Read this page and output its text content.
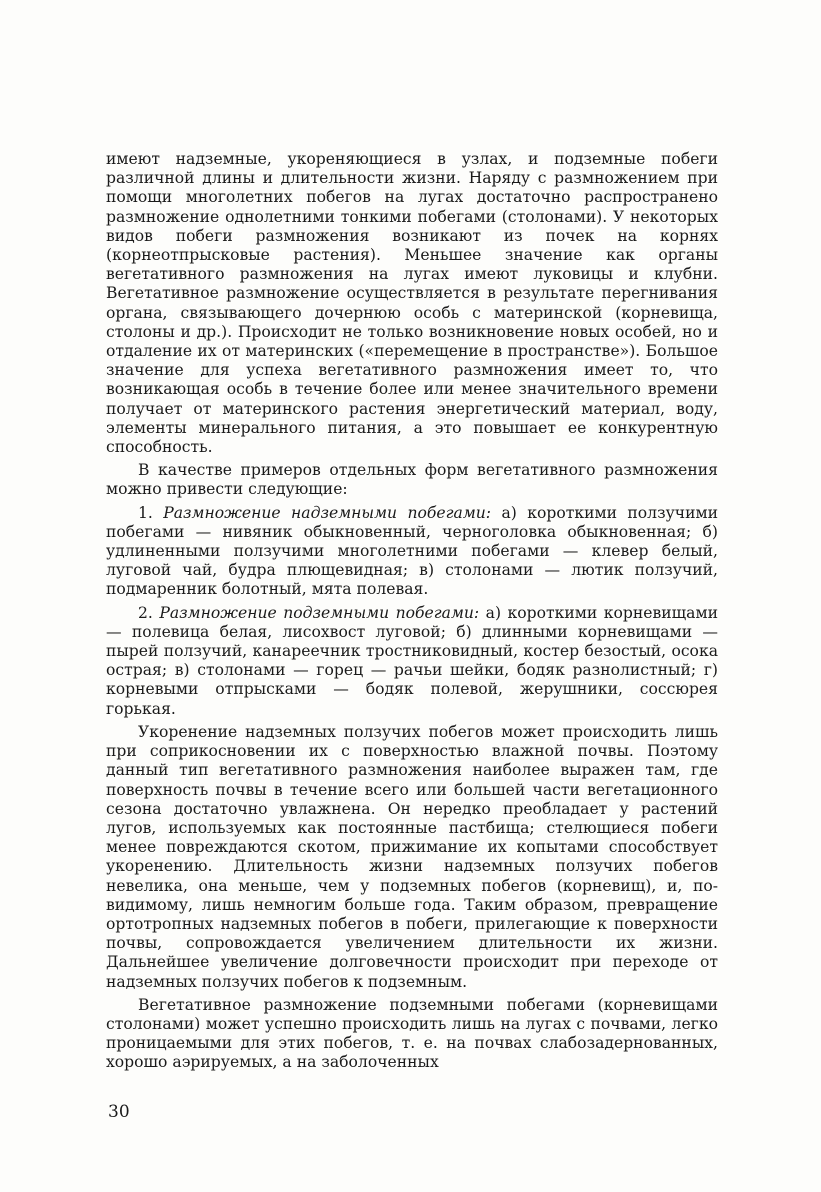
имеют надземные, укореняющиеся в узлах, и подземные побеги различной длины и длительности жизни. Наряду с размножением при помощи многолетних побегов на лугах достаточно распространено размножение однолетними тонкими побегами (столонами). У некоторых видов побеги размножения возникают из почек на корнях (корнеотпрысковые растения). Меньшее значение как органы вегетативного размножения на лугах имеют луковицы и клубни. Вегетативное размножение осуществляется в результате перегнивания органа, связывающего дочернюю особь с материнской (корневища, столоны и др.). Происходит не только возникновение новых особей, но и отдаление их от материнских («перемещение в пространстве»). Большое значение для успеха вегетативного размножения имеет то, что возникающая особь в течение более или менее значительного времени получает от материнского растения энергетический материал, воду, элементы минерального питания, а это повышает ее конкурентную способность.

В качестве примеров отдельных форм вегетативного размножения можно привести следующие:

1. Размножение надземными побегами: а) короткими ползучими побегами — нивяник обыкновенный, черноголовка обыкновенная; б) удлиненными ползучими многолетними побегами — клевер белый, луговой чай, будра плющевидная; в) столонами — лютик ползучий, подмаренник болотный, мята полевая.

2. Размножение подземными побегами: а) короткими корневищами — полевица белая, лисохвост луговой; б) длинными корневищами — пырей ползучий, канареечник тростниковидный, костер безостый, осока острая; в) столонами — горец — рачьи шейки, бодяк разнолистный; г) корневыми отпрысками — бодяк полевой, жерушники, соссюрея горькая.

Укоренение надземных ползучих побегов может происходить лишь при соприкосновении их с поверхностью влажной почвы. Поэтому данный тип вегетативного размножения наиболее выражен там, где поверхность почвы в течение всего или большей части вегетационного сезона достаточно увлажнена. Он нередко преобладает у растений лугов, используемых как постоянные пастбища; стелющиеся побеги менее повреждаются скотом, прижимание их копытами способствует укоренению. Длительность жизни надземных ползучих побегов невелика, она меньше, чем у подземных побегов (корневищ), и, по-видимому, лишь немногим больше года. Таким образом, превращение ортотропных надземных побегов в побеги, прилегающие к поверхности почвы, сопровождается увеличением длительности их жизни. Дальнейшее увеличение долговечности происходит при переходе от надземных ползучих побегов к подземным.

Вегетативное размножение подземными побегами (корневищами столонами) может успешно происходить лишь на лугах с почвами, легко проницаемыми для этих побегов, т. е. на почвах слабозадернованных, хорошо аэрируемых, а на заболоченных

30
